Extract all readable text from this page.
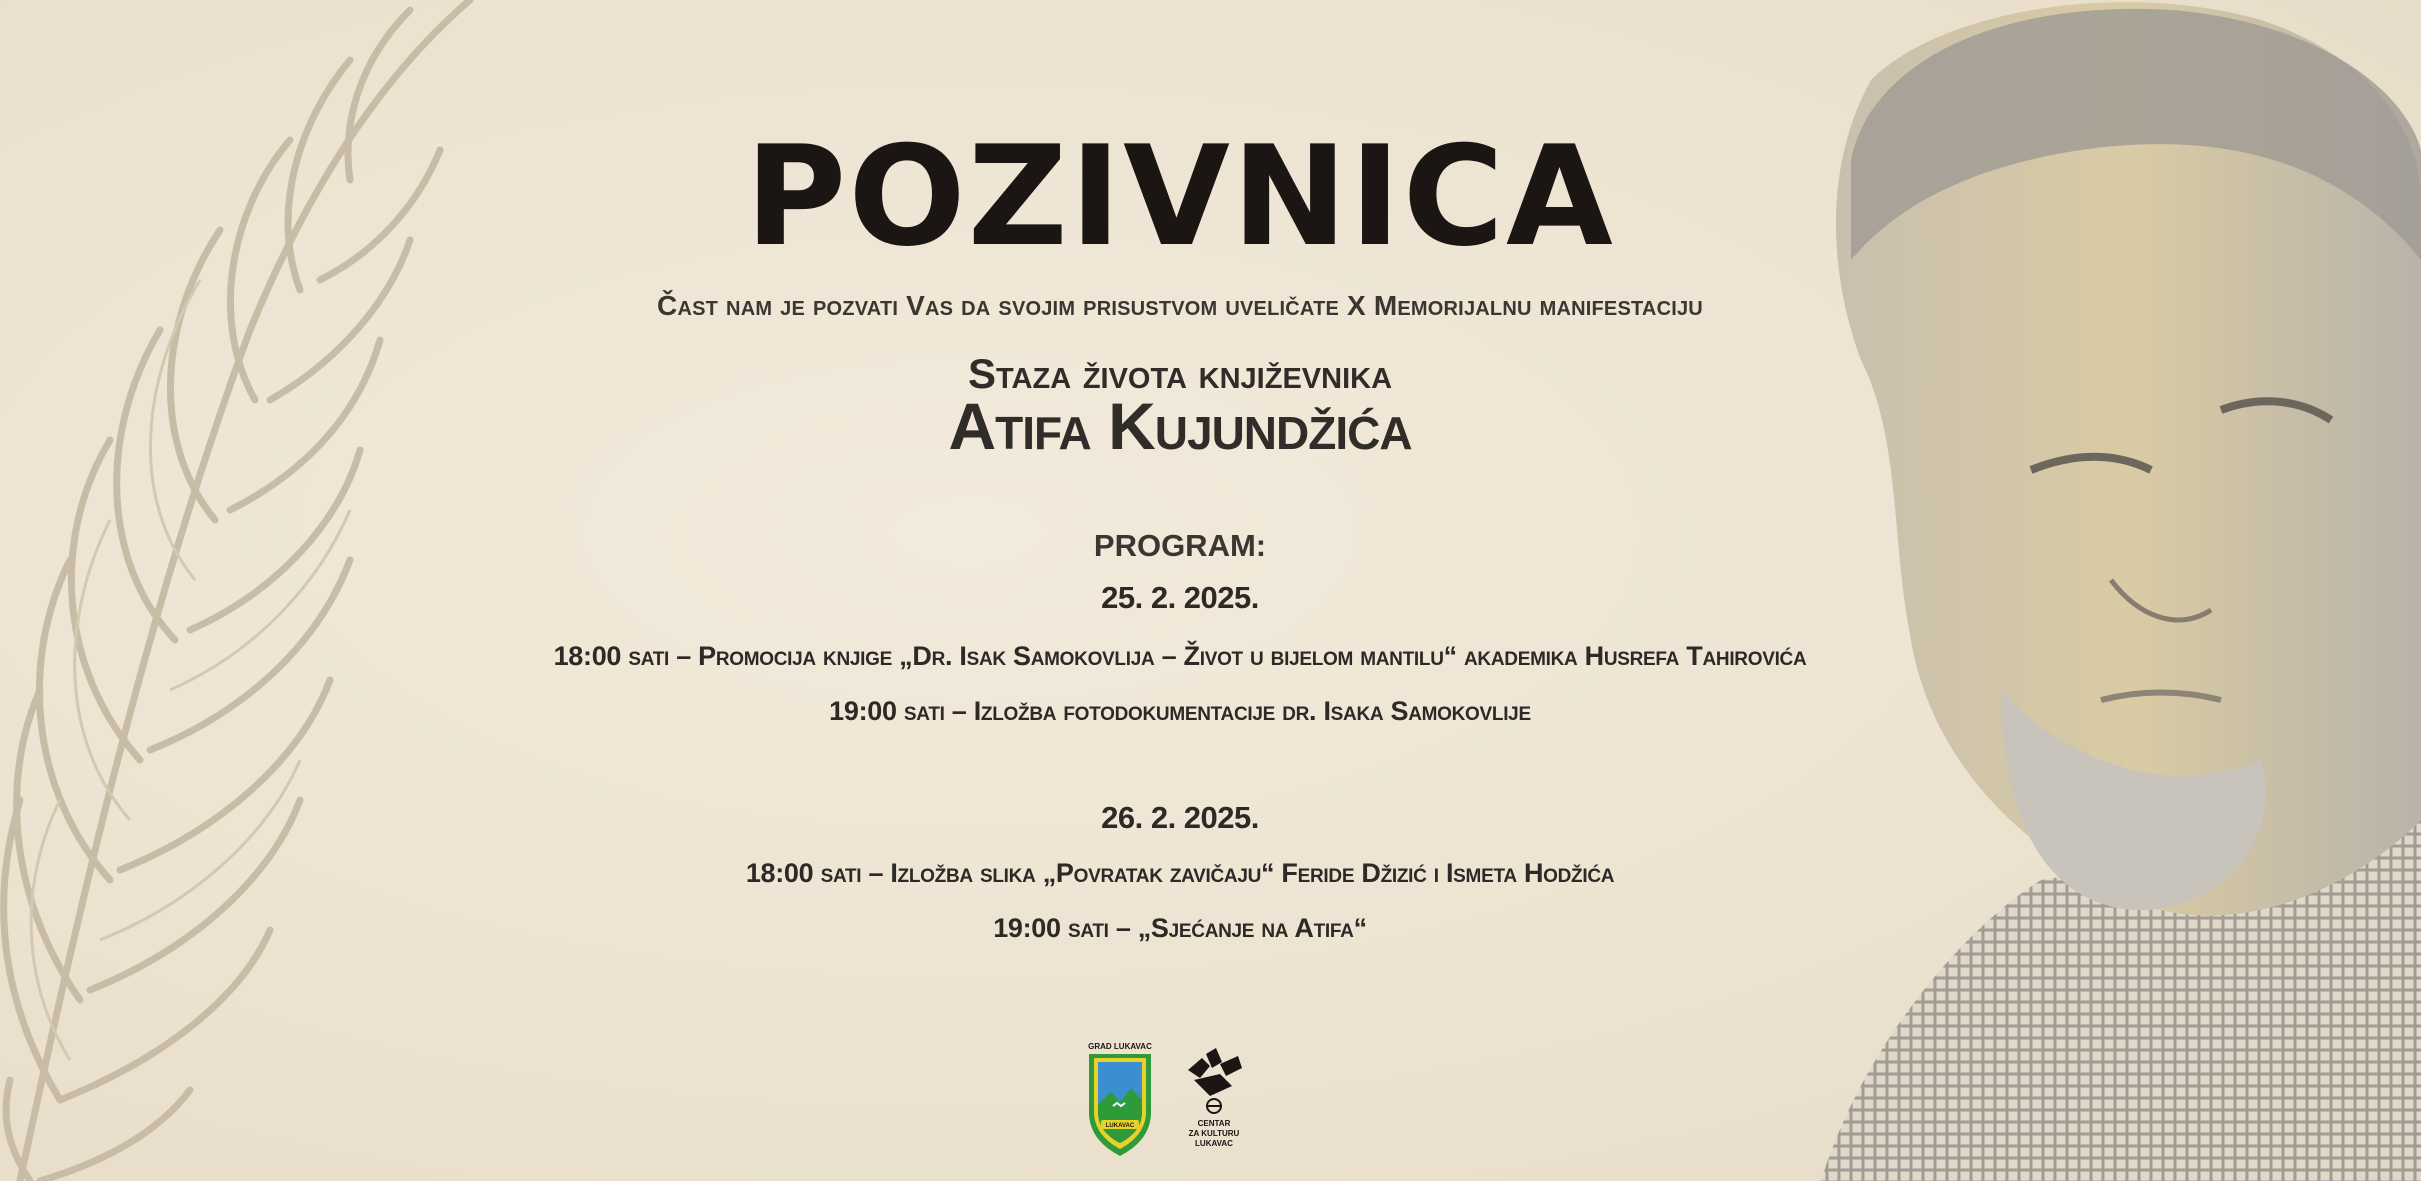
POZIVNICA
Čast nam je pozvati Vas da svojim prisustvom uveličate X Memorijalnu manifestaciju
Staza života književnika
Atifa Kujundžića
PROGRAM:
25. 2. 2025.
18:00 sati – Promocija knjige „Dr. Isak Samokovlija – Život u bijelom mantilu“ akademika Husrefa Tahirovića
19:00 sati – Izložba fotodokumentacije dr. Isaka Samokovlije
26. 2. 2025.
18:00 sati – Izložba slika „Povratak zavičaju“ Feride Džizić i Ismeta Hodžića
19:00 sati – „Sjećanje na Atifa“
GRAD LUKAVAC
LUKAVAC	CENTAR
ZA KULTURU
LUKAVAC
